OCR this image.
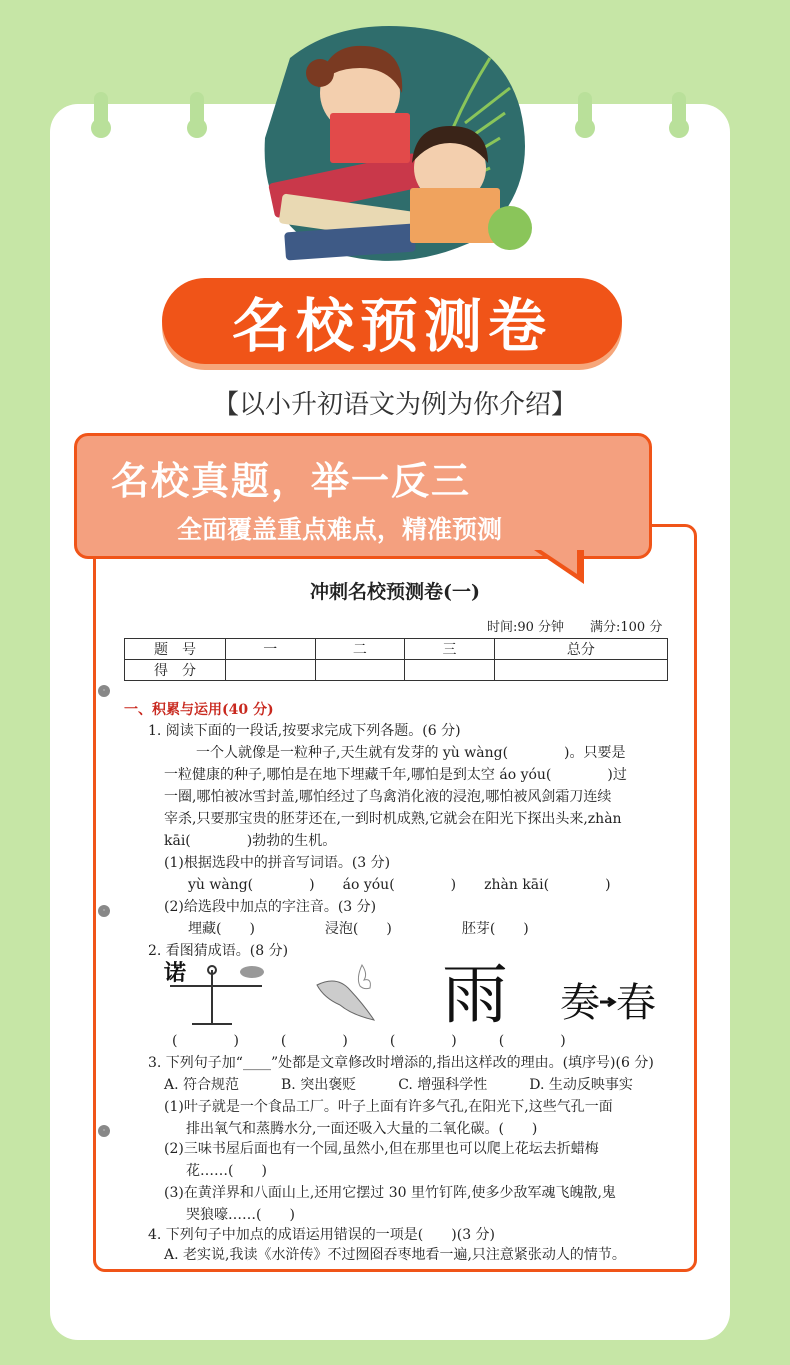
名校预测卷
【以小升初语文为例为你介绍】
·
·
·
冲刺名校预测卷(一)
时间:90 分钟 满分:100 分
题　号	一	二	三	总分
得　分				
一、积累与运用(40 分)
1. 阅读下面的一段话,按要求完成下列各题。(6 分)
一个人就像是一粒种子,天生就有发芽的 yù wàng(　　　　)。只要是
一粒健康的种子,哪怕是在地下埋藏千年,哪怕是到太空 áo yóu(　　　　)过
一圈,哪怕被冰雪封盖,哪怕经过了鸟禽消化液的浸泡,哪怕被风剑霜刀连续
宰杀,只要那宝贵的胚芽还在,一到时机成熟,它就会在阳光下探出头来,zhàn
kāi(　　　　)勃勃的生机。
(1)根据选段中的拼音写词语。(3 分)
yù wàng(　　　　)　　áo yóu(　　　　)　　zhàn kāi(　　　　)
(2)给选段中加点的字注音。(3 分)
埋藏(　　)　　　　　浸泡(　　)　　　　　胚芽(　　)
2. 看图猜成语。(8 分)
诺	雨 奏 春
(　　　　)　　　(　　　　)　　　(　　　　)　　　(　　　　)
3. 下列句子加“____”处都是文章修改时增添的,指出这样改的理由。(填序号)(6 分)
A. 符合规范　　　B. 突出褒贬　　　C. 增强科学性　　　D. 生动反映事实
(1)叶子就是一个食品工厂。叶子上面有许多气孔,在阳光下,这些气孔一面
排出氧气和蒸腾水分,一面还吸入大量的二氧化碳。(　　)
(2)三味书屋后面也有一个园,虽然小,但在那里也可以爬上花坛去折蜡梅
花……(　　)
(3)在黄洋界和八面山上,还用它摆过 30 里竹钉阵,使多少敌军魂飞魄散,鬼
哭狼嚎……(　　)
4. 下列句子中加点的成语运用错误的一项是(　　)(3 分)
A. 老实说,我读《水浒传》不过囫囵吞枣地看一遍,只注意紧张动人的情节。
名校真题，举一反三
全面覆盖重点难点，精准预测
